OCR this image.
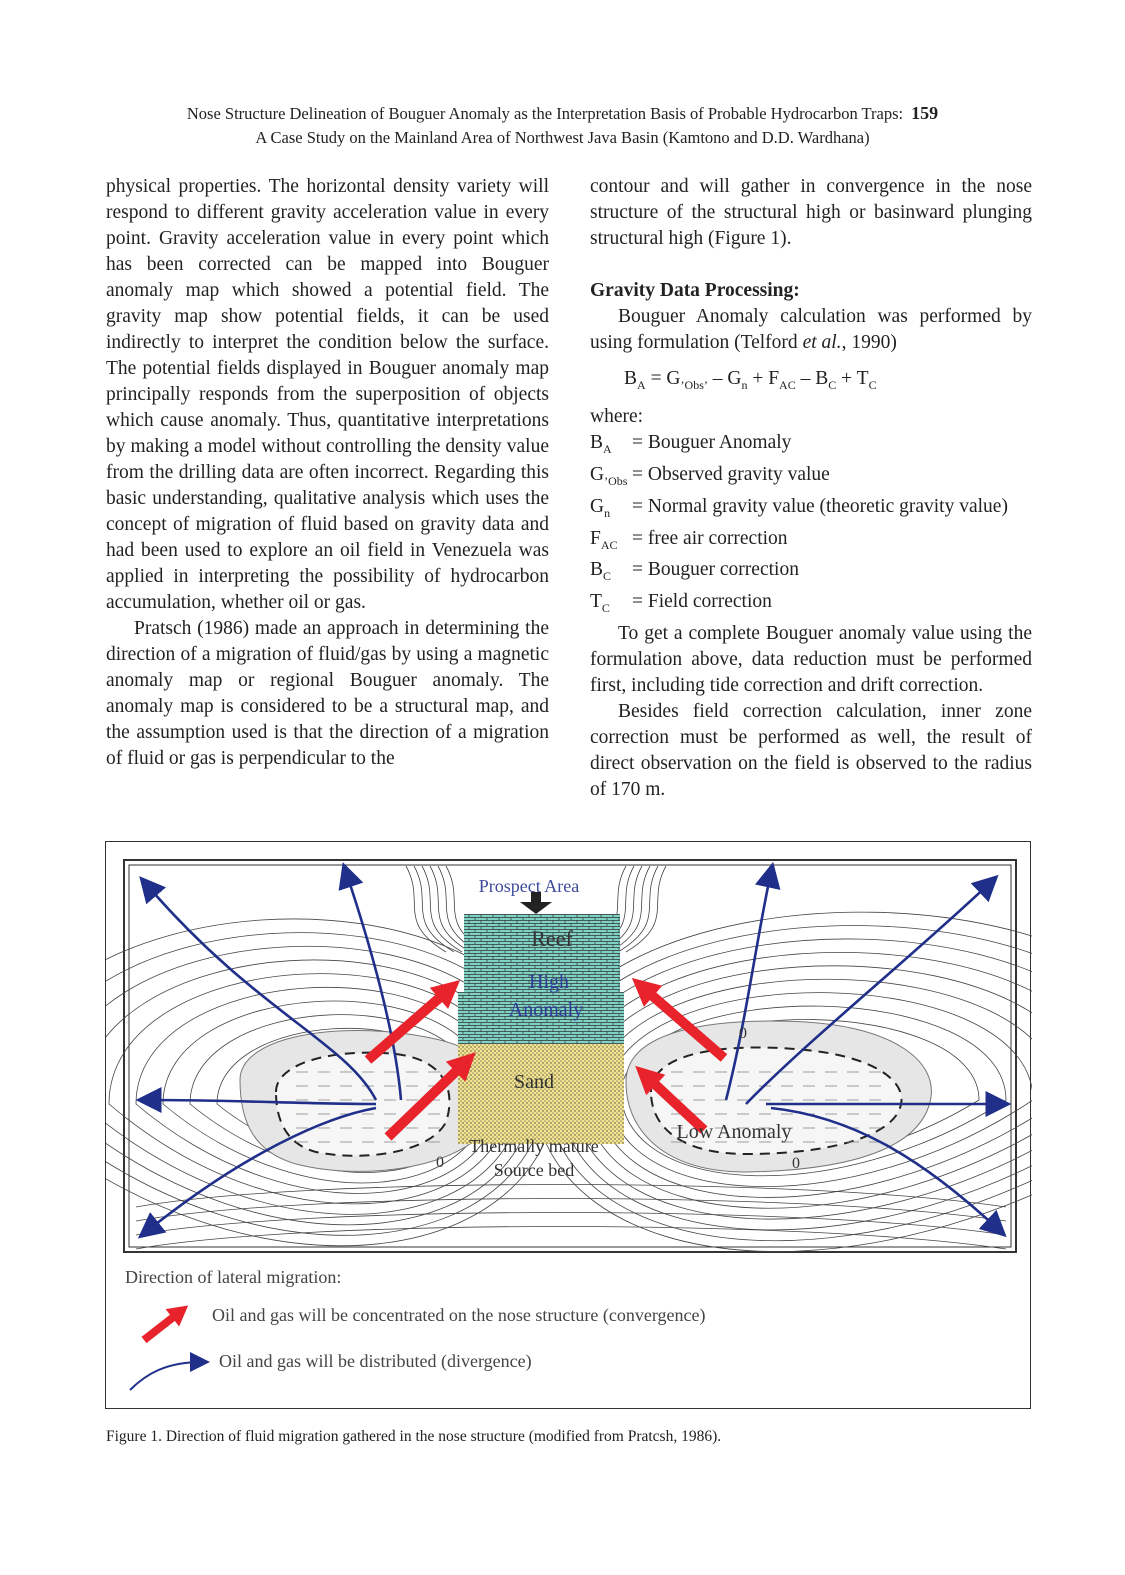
Nose Structure Delineation of Bouguer Anomaly as the Interpretation Basis of Probable Hydrocarbon Traps: 159
A Case Study on the Mainland Area of Northwest Java Basin (Kamtono and D.D. Wardhana)

physical properties. The horizontal density variety will respond to different gravity acceleration value in every point. Gravity acceleration value in every point which has been corrected can be mapped into Bouguer anomaly map which showed a potential field. The gravity map show potential fields, it can be used indirectly to interpret the condition below the surface. The potential fields displayed in Bouguer anomaly map principally responds from the superposition of objects which cause anomaly. Thus, quantitative interpretations by making a model without controlling the density value from the drilling data are often incorrect. Regarding this basic understanding, qualitative analysis which uses the concept of migration of fluid based on gravity data and had been used to explore an oil field in Venezuela was applied in interpreting the possibility of hydrocarbon accumulation, whether oil or gas.

Pratsch (1986) made an approach in determining the direction of a migration of fluid/gas by using a magnetic anomaly map or regional Bouguer anomaly. The anomaly map is considered to be a structural map, and the assumption used is that the direction of a migration of fluid or gas is perpendicular to the

contour and will gather in convergence in the nose structure of the structural high or basinward plunging structural high (Figure 1).

Gravity Data Processing:

Bouguer Anomaly calculation was performed by using formulation (Telford et al., 1990)

$B_A = G_{’Obs’} - G_n + F_{AC} - B_C + T_C$

where:

$B_A$	= Bouguer Anomaly
$G_{’Obs}$ = Observed gravity value
$G_n$	= Normal gravity value (theoretic gravity value)
$F_{AC}$ = free air correction
$B_C$	= Bouguer correction
$T_C$	= Field correction

To get a complete Bouguer anomaly value using the formulation above, data reduction must be performed first, including tide correction and drift correction.

Besides field correction calculation, inner zone correction must be performed as well, the result of direct observation on the field is observed to the radius of 170 m.

Prospect Area
Reef
High
Anomaly
Sand
Thermally mature
Source bed
Low Anomaly
0
0
0
Direction of lateral migration:
Oil and gas will be concentrated on the nose structure (convergence)
Oil and gas will be distributed (divergence)
Figure 1. Direction of fluid migration gathered in the nose structure (modified from Pratcsh, 1986).
